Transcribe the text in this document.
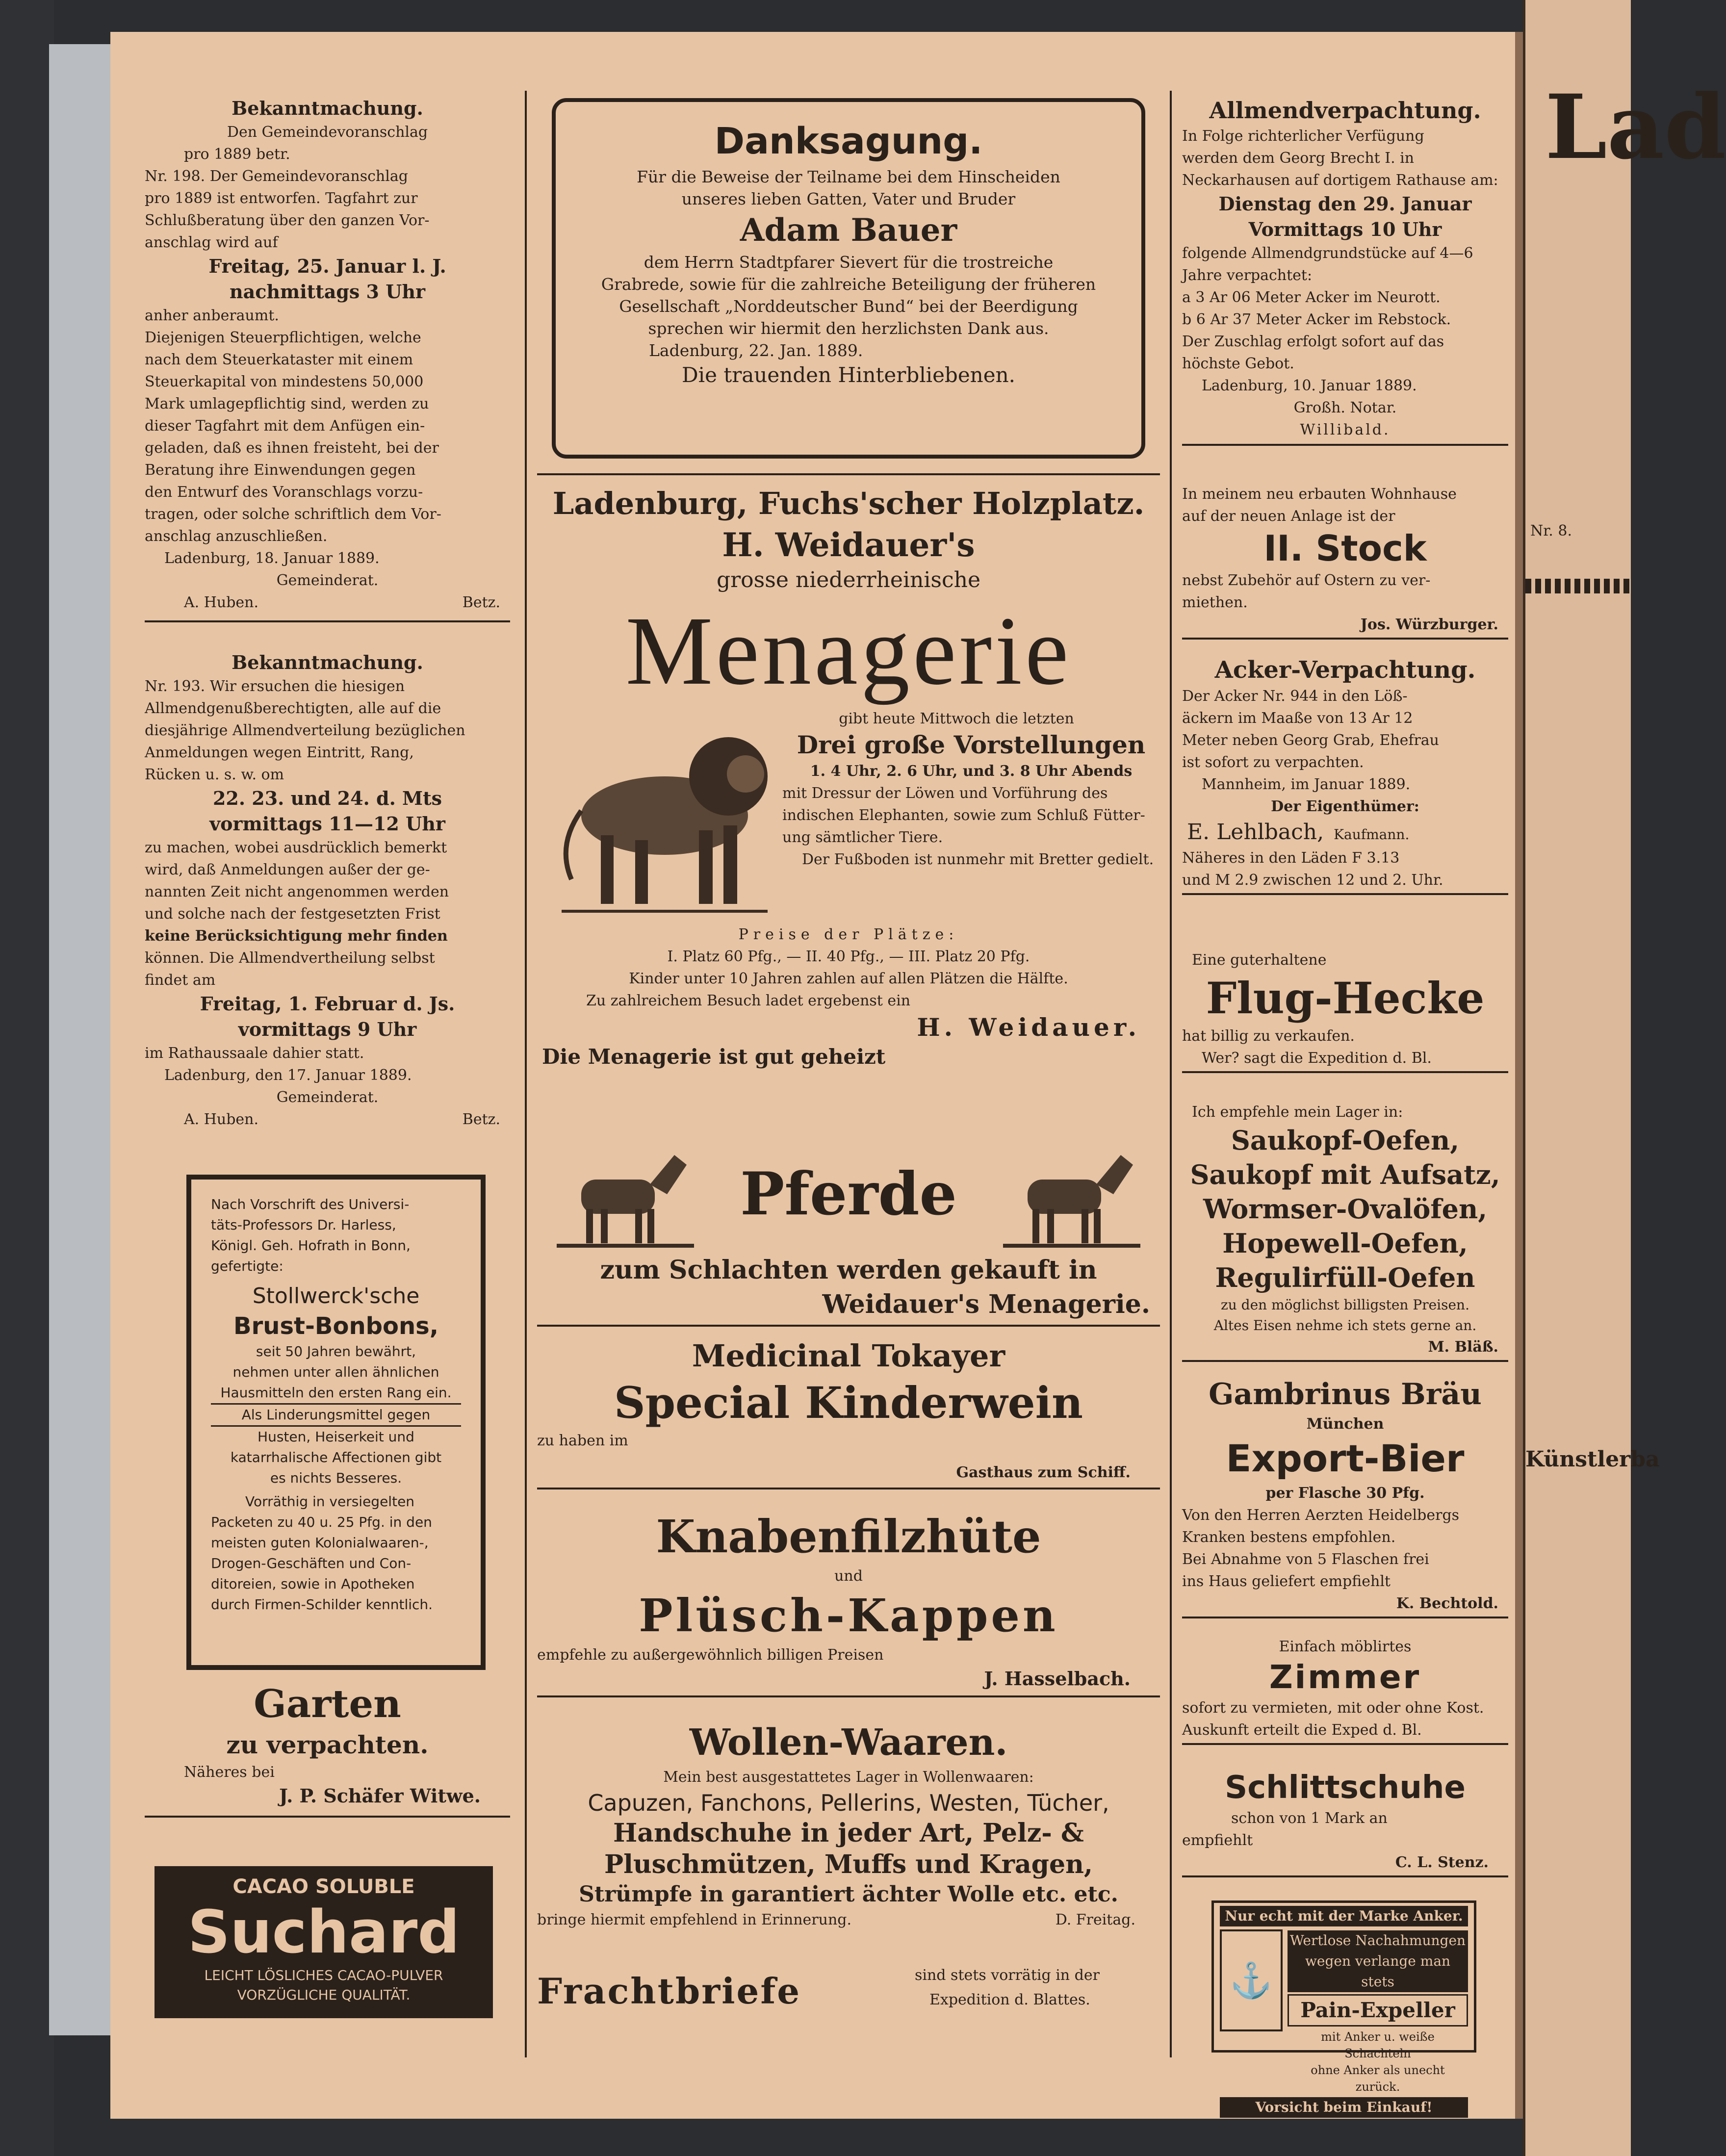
Bekanntmachung.
Den Gemeindevoranschlag
pro 1889 betr.
Nr. 198. Der Gemeindevoranschlag
pro 1889 ist entworfen. Tagfahrt zur
Schlußberatung über den ganzen Vor-
anschlag wird auf
Freitag, 25. Januar l. J.
nachmittags 3 Uhr
anher anberaumt.
Diejenigen Steuerpflichtigen, welche
nach dem Steuerkataster mit einem
Steuerkapital von mindestens 50,000
Mark umlagepflichtig sind, werden zu
dieser Tagfahrt mit dem Anfügen ein-
geladen, daß es ihnen freisteht, bei der
Beratung ihre Einwendungen gegen
den Entwurf des Voranschlags vorzu-
tragen, oder solche schriftlich dem Vor-
anschlag anzuschließen.
Ladenburg, 18. Januar 1889.
Gemeinderat.
A. Huben.	Betz.
Bekanntmachung.
Nr. 193. Wir ersuchen die hiesigen
Allmendgenußberechtigten, alle auf die
diesjährige Allmendverteilung bezüglichen
Anmeldungen wegen Eintritt, Rang,
Rücken u. s. w. om
22. 23. und 24. d. Mts
vormittags 11—12 Uhr
zu machen, wobei ausdrücklich bemerkt
wird, daß Anmeldungen außer der ge-
nannten Zeit nicht angenommen werden
und solche nach der festgesetzten Frist
keine Berücksichtigung mehr finden
können. Die Allmendvertheilung selbst
findet am
Freitag, 1. Februar d. Js.
vormittags 9 Uhr
im Rathaussaale dahier statt.
Ladenburg, den 17. Januar 1889.
Gemeinderat.
A. Huben.	Betz.
Nach Vorschrift des Universi-
täts-Professors Dr. Harless,
Königl. Geh. Hofrath in Bonn,
gefertigte:
Stollwerck'sche
Brust-Bonbons,
seit 50 Jahren bewährt,
nehmen unter allen ähnlichen
Hausmitteln den ersten Rang ein.
Als Linderungsmittel gegen
Husten, Heiserkeit und
katarrhalische Affectionen gibt
es nichts Besseres.
Vorräthig in versiegelten
Packeten zu 40 u. 25 Pfg. in den
meisten guten Kolonialwaaren-,
Drogen-Geschäften und Con-
ditoreien, sowie in Apotheken
durch Firmen-Schilder kenntlich.
Garten
zu verpachten.
Näheres bei
J. P. Schäfer Witwe.
CACAO SOLUBLE
Suchard
LEICHT LÖSLICHES CACAO-PULVER
VORZÜGLICHE QUALITÄT.
Danksagung.
Für die Beweise der Teilname bei dem Hinscheiden
unseres lieben Gatten, Vater und Bruder
Adam Bauer
dem Herrn Stadtpfarer Sievert für die trostreiche
Grabrede, sowie für die zahlreiche Beteiligung der früheren
Gesellschaft „Norddeutscher Bund“ bei der Beerdigung
sprechen wir hiermit den herzlichsten Dank aus.
Ladenburg, 22. Jan. 1889.
Die trauenden Hinterbliebenen.
Ladenburg, Fuchs'scher Holzplatz.
H. Weidauer's
grosse niederrheinische
Menagerie
gibt heute Mittwoch die letzten
Drei große Vorstellungen
1. 4 Uhr, 2. 6 Uhr, und 3. 8 Uhr Abends
mit Dressur der Löwen und Vorführung des
indischen Elephanten, sowie zum Schluß Fütter-
ung sämtlicher Tiere.
Der Fußboden ist nunmehr mit Bretter gedielt.
Preise der Plätze:
I. Platz 60 Pfg., — II. 40 Pfg., — III. Platz 20 Pfg.
Kinder unter 10 Jahren zahlen auf allen Plätzen die Hälfte.
Zu zahlreichem Besuch ladet ergebenst ein
H. Weidauer.
Die Menagerie ist gut geheizt
Pferde
zum Schlachten werden gekauft in
Weidauer's Menagerie.
Medicinal Tokayer
Special Kinderwein
zu haben im
Gasthaus zum Schiff.
Knabenfilzhüte
und
Plüsch-Kappen
empfehle zu außergewöhnlich billigen Preisen
J. Hasselbach.
Wollen-Waaren.
Mein best ausgestattetes Lager in Wollenwaaren:
Capuzen, Fanchons, Pellerins, Westen, Tücher,
Handschuhe in jeder Art, Pelz- &
Pluschmützen, Muffs und Kragen,
Strümpfe in garantiert ächter Wolle etc. etc.
bringe hiermit empfehlend in Erinnerung.	D. Freitag.
Frachtbriefe	sind stets vorrätig in der
Expedition d. Blattes.
Allmendverpachtung.
In Folge richterlicher Verfügung
werden dem Georg Brecht I. in
Neckarhausen auf dortigem Rathause am:
Dienstag den 29. Januar
Vormittags 10 Uhr
folgende Allmendgrundstücke auf 4—6
Jahre verpachtet:
a 3 Ar 06 Meter Acker im Neurott.
b 6 Ar 37 Meter Acker im Rebstock.
Der Zuschlag erfolgt sofort auf das
höchste Gebot.
Ladenburg, 10. Januar 1889.
Großh. Notar.
Willibald.
In meinem neu erbauten Wohnhause
auf der neuen Anlage ist der
II. Stock
nebst Zubehör auf Ostern zu ver-
miethen.
Jos. Würzburger.
Acker-Verpachtung.
Der Acker Nr. 944 in den Löß-
äckern im Maaße von 13 Ar 12
Meter neben Georg Grab, Ehefrau
ist sofort zu verpachten.
Mannheim, im Januar 1889.
Der Eigenthümer:
E. Lehlbach, Kaufmann.
Näheres in den Läden F 3.13
und M 2.9 zwischen 12 und 2. Uhr.
Eine guterhaltene
Flug-Hecke
hat billig zu verkaufen.
Wer? sagt die Expedition d. Bl.
Ich empfehle mein Lager in:
Saukopf-Oefen,
Saukopf mit Aufsatz,
Wormser-Ovalöfen,
Hopewell-Oefen,
Regulirfüll-Oefen
zu den möglichst billigsten Preisen.
Altes Eisen nehme ich stets gerne an.
M. Bläß.
Gambrinus Bräu
München
Export-Bier
per Flasche 30 Pfg.
Von den Herren Aerzten Heidelbergs
Kranken bestens empfohlen.
Bei Abnahme von 5 Flaschen frei
ins Haus geliefert empfiehlt
K. Bechtold.
Einfach möblirtes
Zimmer
sofort zu vermieten, mit oder ohne Kost.
Auskunft erteilt die Exped d. Bl.
Schlittschuhe
schon von 1 Mark an
empfiehlt
C. L. Stenz.
Nur echt mit der Marke Anker.
⚓
Wertlose Nachahmungen
wegen verlange man stets
Pain-Expeller
mit Anker u. weiße Schachteln
ohne Anker als unecht zurück.
Vorsicht beim Einkauf!
Lad
Nr. 8.
Künstlerba
